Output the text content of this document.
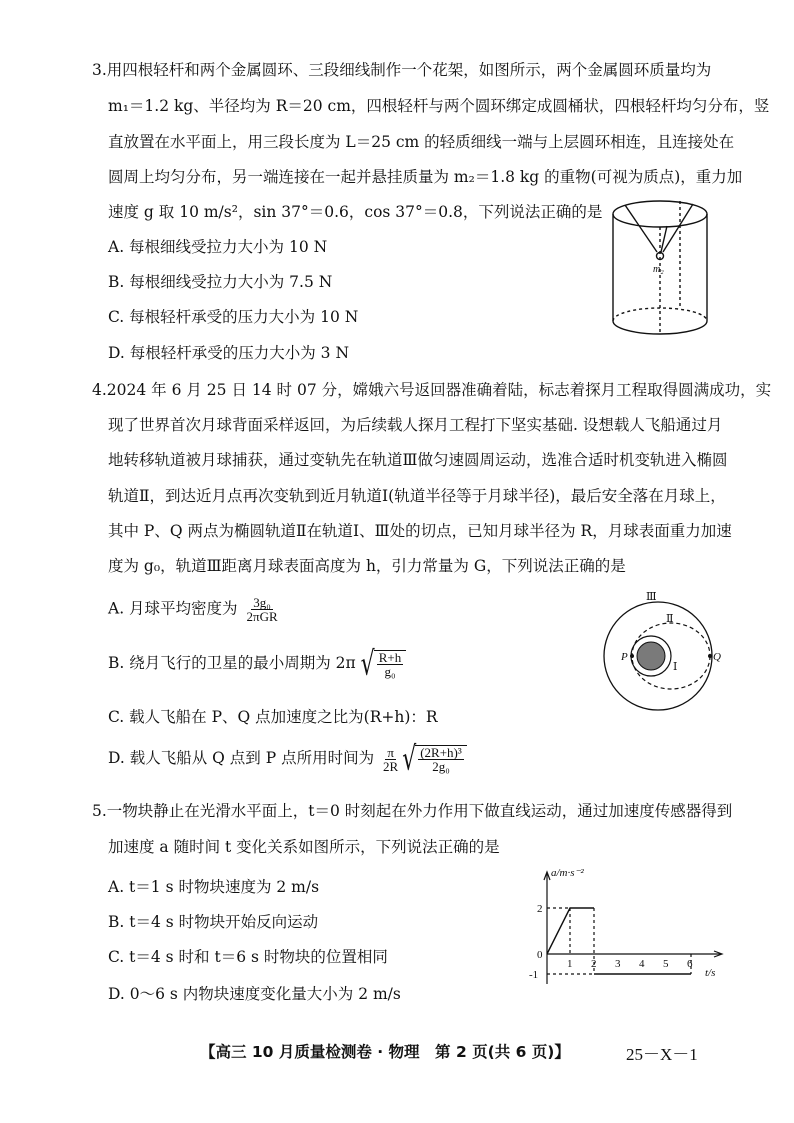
3.用四根轻杆和两个金属圆环、三段细线制作一个花架，如图所示，两个金属圆环质量均为
m₁＝1.2 kg、半径均为 R＝20 cm，四根轻杆与两个圆环绑定成圆桶状，四根轻杆均匀分布，竖
直放置在水平面上，用三段长度为 L＝25 cm 的轻质细线一端与上层圆环相连，且连接处在
圆周上均匀分布，另一端连接在一起并悬挂质量为 m₂＝1.8 kg 的重物(可视为质点)，重力加
速度 g 取 10 m/s²，sin 37°＝0.6，cos 37°＝0.8，下列说法正确的是
A. 每根细线受拉力大小为 10 N
B. 每根细线受拉力大小为 7.5 N
C. 每根轻杆承受的压力大小为 10 N
D. 每根轻杆承受的压力大小为 3 N
m₂
4.2024 年 6 月 25 日 14 时 07 分，嫦娥六号返回器准确着陆，标志着探月工程取得圆满成功，实
现了世界首次月球背面采样返回，为后续载人探月工程打下坚实基础. 设想载人飞船通过月
地转移轨道被月球捕获，通过变轨先在轨道Ⅲ做匀速圆周运动，选准合适时机变轨进入椭圆
轨道Ⅱ，到达近月点再次变轨到近月轨道Ⅰ(轨道半径等于月球半径)，最后安全落在月球上，
其中 P、Q 两点为椭圆轨道Ⅱ在轨道Ⅰ、Ⅲ处的切点，已知月球半径为 R，月球表面重力加速
度为 g₀，轨道Ⅲ距离月球表面高度为 h，引力常量为 G，下列说法正确的是
A. 月球平均密度为 $\frac{\text{3g₀}}{\text{2πGR}}$
B. 绕月飞行的卫星的最小周期为 2π √ $\frac{R+h}{\text{g₀}}$
C. 载人飞船在 P、Q 点加速度之比为(R+h)：R
D. 载人飞船从 Q 点到 P 点所用时间为 $\frac{\pi}{2R}$ √ $\frac{\text{(2R+h)³}}{\text{2g₀}}$
Ⅲ
Ⅱ
Ⅰ
P	Q
5.一物块静止在光滑水平面上，t＝0 时刻起在外力作用下做直线运动，通过加速度传感器得到
加速度 a 随时间 t 变化关系如图所示，下列说法正确的是
A. t＝1 s 时物块速度为 2 m/s
B. t＝4 s 时物块开始反向运动
C. t＝4 s 时和 t＝6 s 时物块的位置相同
D. 0～6 s 内物块速度变化量大小为 2 m/s
a/m·s⁻²
t/s
0
2
-1
1 2 3 4 5 6
【高三 10 月质量检测卷 · 物理　第 2 页(共 6 页)】	25－X－1
